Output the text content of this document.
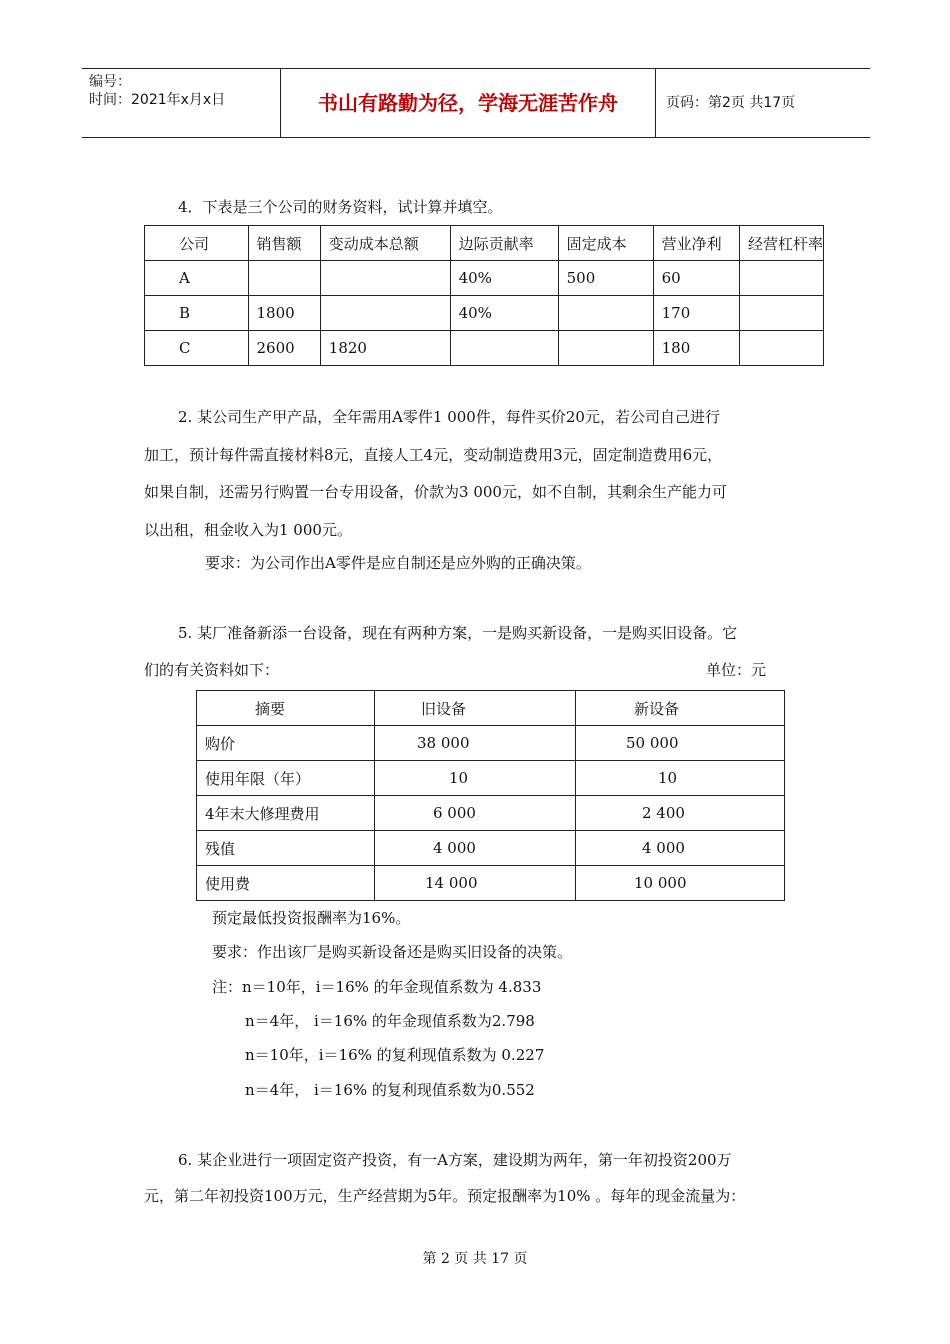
编号：
时间：2021年x月x日	书山有路勤为径，学海无涯苦作舟	页码：第2页 共17页
4．下表是三个公司的财务资料，试计算并填空。
公司	销售额	变动成本总额	边际贡献率	固定成本	营业净利	经营杠杆率
A			40%	500	60	
B	1800		40%		170	
C	2600	1820			180	
2. 某公司生产甲产品，全年需用A零件1 000件，每件买价20元，若公司自己进行
加工，预计每件需直接材料8元，直接人工4元，变动制造费用3元，固定制造费用6元，
如果自制，还需另行购置一台专用设备，价款为3 000元，如不自制，其剩余生产能力可
以出租，租金收入为1 000元。
要求：为公司作出A零件是应自制还是应外购的正确决策。
5. 某厂准备新添一台设备，现在有两种方案，一是购买新设备，一是购买旧设备。它
们的有关资料如下：	单位：元
摘要	旧设备	新设备
购价	38 000	50 000
使用年限（年）	10	10
4年末大修理费用	6 000	2 400
残值	4 000	4 000
使用费	14 000	10 000
预定最低投资报酬率为16%。
要求：作出该厂是购买新设备还是购买旧设备的决策。
注：n＝10年，i＝16% 的年金现值系数为 4.833
n＝4年， i＝16% 的年金现值系数为2.798
n＝10年，i＝16% 的复利现值系数为 0.227
n＝4年， i＝16% 的复利现值系数为0.552
6. 某企业进行一项固定资产投资，有一A方案，建设期为两年，第一年初投资200万
元，第二年初投资100万元，生产经营期为5年。预定报酬率为10% 。每年的现金流量为：
第 2 页 共 17 页
